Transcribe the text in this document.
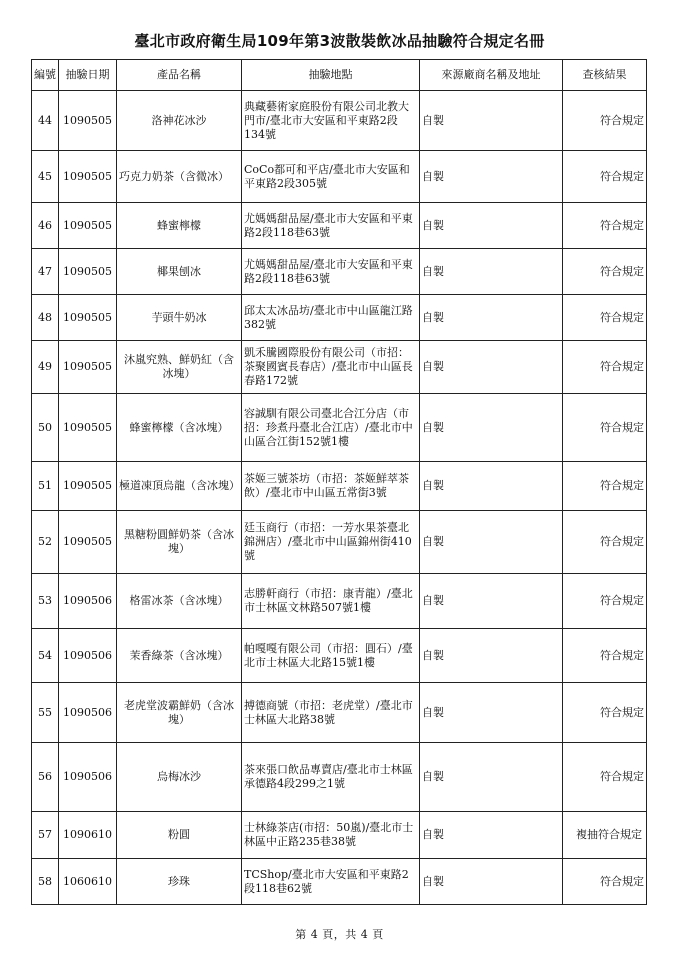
臺北市政府衛生局109年第3波散裝飲冰品抽驗符合規定名冊
編號	抽驗日期	產品名稱	抽驗地點	來源廠商名稱及地址	查核結果
44	1090505	洛神花冰沙	典藏藝術家庭股份有限公司北教大門市/臺北市大安區和平東路2段134號	自製	符合規定
45	1090505	巧克力奶茶（含微冰）	CoCo都可和平店/臺北市大安區和平東路2段305號	自製	符合規定
46	1090505	蜂蜜檸檬	尤媽媽甜品屋/臺北市大安區和平東路2段118巷63號	自製	符合規定
47	1090505	椰果刨冰	尤媽媽甜品屋/臺北市大安區和平東路2段118巷63號	自製	符合規定
48	1090505	芋頭牛奶冰	邱太太冰品坊/臺北市中山區龍江路382號	自製	符合規定
49	1090505	沐嵐究熟、鮮奶紅（含冰塊）	凱禾騰國際股份有限公司（市招：茶聚國賓長春店）/臺北市中山區長春路172號	自製	符合規定
50	1090505	蜂蜜檸檬（含冰塊）	容誠馴有限公司臺北合江分店（市招：珍煮丹臺北合江店）/臺北市中山區合江街152號1樓	自製	符合規定
51	1090505	極道凍頂烏龍（含冰塊）	茶姬三號茶坊（市招：茶姬鮮萃茶飲）/臺北市中山區五常街3號	自製	符合規定
52	1090505	黑糖粉圓鮮奶茶（含冰塊）	廷玉商行（市招：一芳水果茶臺北錦洲店）/臺北市中山區錦州街410號	自製	符合規定
53	1090506	格雷冰茶（含冰塊）	志勝軒商行（市招：康青龍）/臺北市士林區文林路507號1樓	自製	符合規定
54	1090506	茉香綠茶（含冰塊）	帕嘎嘎有限公司（市招：圓石）/臺北市士林區大北路15號1樓	自製	符合規定
55	1090506	老虎堂波霸鮮奶（含冰塊）	搏德商號（市招：老虎堂）/臺北市士林區大北路38號	自製	符合規定
56	1090506	烏梅冰沙	茶來張口飲品專賣店/臺北市士林區承德路4段299之1號	自製	符合規定
57	1090610	粉圓	士林綠茶店(市招：50嵐)/臺北市士林區中正路235巷38號	自製	複抽符合規定
58	1060610	珍珠	TCShop/臺北市大安區和平東路2段118巷62號	自製	符合規定
第 4 頁，共 4 頁
